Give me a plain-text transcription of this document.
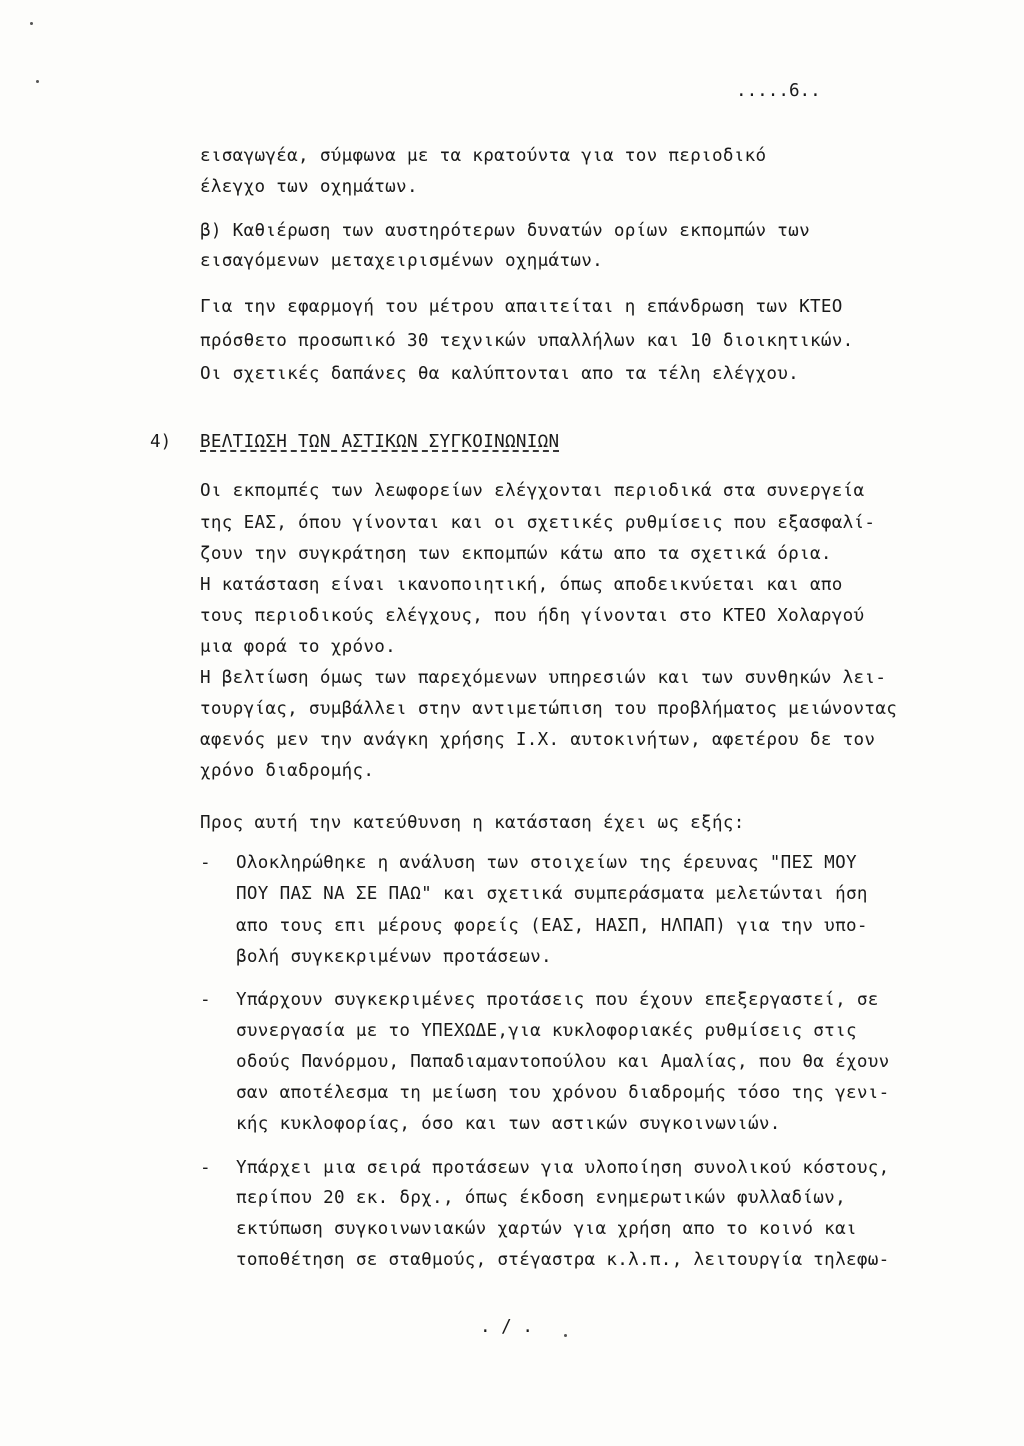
.....6..
εισαγωγέα, σύμφωνα με τα κρατούντα για τον περιοδικό
έλεγχο των οχημάτων.
β) Καθιέρωση των αυστηρότερων δυνατών ορίων εκπομπών των
εισαγόμενων μεταχειρισμένων οχημάτων.
Για την εφαρμογή του μέτρου απαιτείται η επάνδρωση των ΚΤΕΟ
πρόσθετο προσωπικό 30 τεχνικών υπαλλήλων και 10 διοικητικών.
Οι σχετικές δαπάνες θα καλύπτονται απο τα τέλη ελέγχου.
4) ΒΕΛΤΙΩΣΗ ΤΩΝ ΑΣΤΙΚΩΝ ΣΥΓΚΟΙΝΩΝΙΩΝ
Οι εκπομπές των λεωφορείων ελέγχονται περιοδικά στα συνεργεία
της ΕΑΣ, όπου γίνονται και οι σχετικές ρυθμίσεις που εξασφαλί-
ζουν την συγκράτηση των εκπομπών κάτω απο τα σχετικά όρια.
Η κατάσταση είναι ικανοποιητική, όπως αποδεικνύεται και απο
τους περιοδικούς ελέγχους, που ήδη γίνονται στο ΚΤΕΟ Χολαργού
μια φορά το χρόνο.
Η βελτίωση όμως των παρεχόμενων υπηρεσιών και των συνθηκών λει-
τουργίας, συμβάλλει στην αντιμετώπιση του προβλήματος μειώνοντας
αφενός μεν την ανάγκη χρήσης Ι.Χ. αυτοκινήτων, αφετέρου δε τον
χρόνο διαδρομής.
Προς αυτή την κατεύθυνση η κατάσταση έχει ως εξής:
- Ολοκληρώθηκε η ανάλυση των στοιχείων της έρευνας "ΠΕΣ ΜΟΥ
ΠΟΥ ΠΑΣ ΝΑ ΣΕ ΠΑΩ" και σχετικά συμπεράσματα μελετώνται ήση
απο τους επι μέρους φορείς (ΕΑΣ, ΗΑΣΠ, ΗΛΠΑΠ) για την υπο-
βολή συγκεκριμένων προτάσεων.
- Υπάρχουν συγκεκριμένες προτάσεις που έχουν επεξεργαστεί, σε
συνεργασία με το ΥΠΕΧΩΔΕ,για κυκλοφοριακές ρυθμίσεις στις
οδούς Πανόρμου, Παπαδιαμαντοπούλου και Αμαλίας, που θα έχουν
σαν αποτέλεσμα τη μείωση του χρόνου διαδρομής τόσο της γενι-
κής κυκλοφορίας, όσο και των αστικών συγκοινωνιών.
- Υπάρχει μια σειρά προτάσεων για υλοποίηση συνολικού κόστους,
περίπου 20 εκ. δρχ., όπως έκδοση ενημερωτικών φυλλαδίων,
εκτύπωση συγκοινωνιακών χαρτών για χρήση απο το κοινό και
τοποθέτηση σε σταθμούς, στέγαστρα κ.λ.π., λειτουργία τηλεφω-
. / .
